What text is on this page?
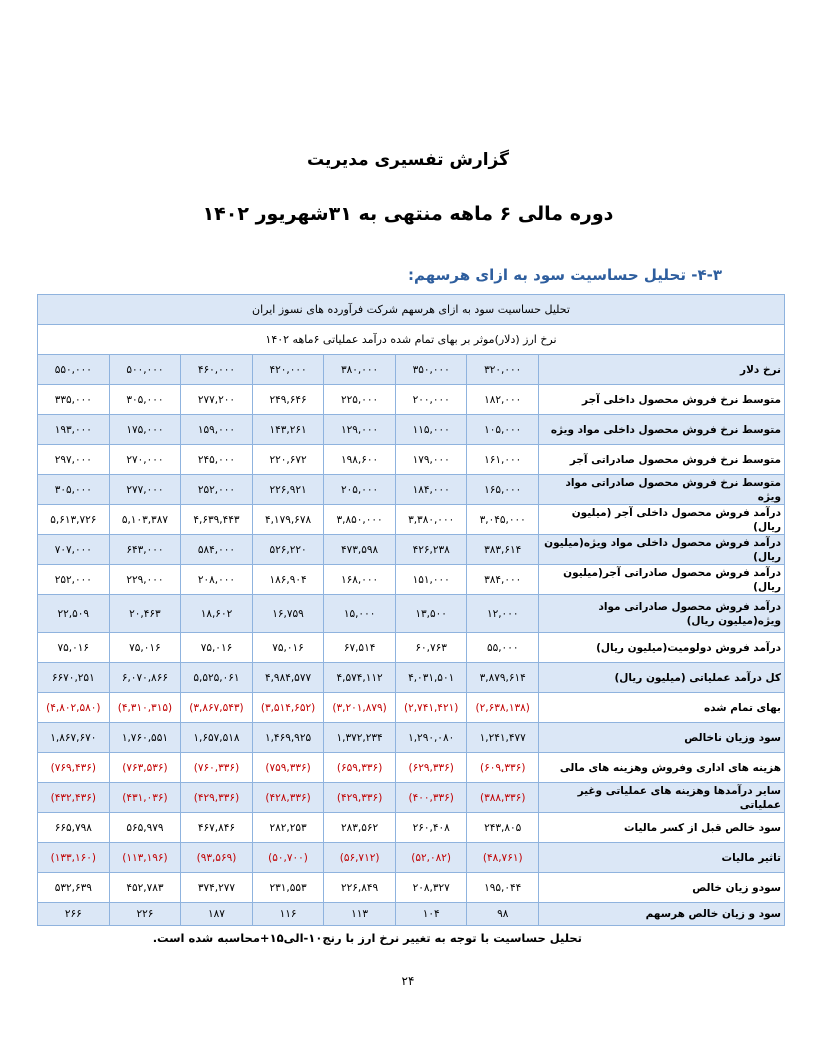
گزارش تفسیری مدیریت
دوره مالی ۶ ماهه منتهی به ۳۱شهریور ۱۴۰۲
۴-۳- تحلیل حساسیت سود به ازای هرسهم:
تحلیل حساسیت سود به ازای هرسهم شرکت فرآورده های نسوز ایران							
نرخ ارز (دلار)موثر بر بهای تمام شده درآمد عملیاتی ۶ماهه ۱۴۰۲							
نرخ دلار	۳۲۰,۰۰۰	۳۵۰,۰۰۰	۳۸۰,۰۰۰	۴۲۰,۰۰۰	۴۶۰,۰۰۰	۵۰۰,۰۰۰	۵۵۰,۰۰۰
متوسط نرخ فروش محصول داخلی آجر	۱۸۲,۰۰۰	۲۰۰,۰۰۰	۲۲۵,۰۰۰	۲۴۹,۶۴۶	۲۷۷,۲۰۰	۳۰۵,۰۰۰	۳۳۵,۰۰۰
متوسط نرخ فروش محصول داخلی مواد ویژه	۱۰۵,۰۰۰	۱۱۵,۰۰۰	۱۲۹,۰۰۰	۱۴۳,۲۶۱	۱۵۹,۰۰۰	۱۷۵,۰۰۰	۱۹۳,۰۰۰
متوسط نرخ فروش محصول صادراتی آجر	۱۶۱,۰۰۰	۱۷۹,۰۰۰	۱۹۸,۶۰۰	۲۲۰,۶۷۲	۲۴۵,۰۰۰	۲۷۰,۰۰۰	۲۹۷,۰۰۰
متوسط نرخ فروش محصول صادراتی مواد ویژه	۱۶۵,۰۰۰	۱۸۴,۰۰۰	۲۰۵,۰۰۰	۲۲۶,۹۲۱	۲۵۲,۰۰۰	۲۷۷,۰۰۰	۳۰۵,۰۰۰
درآمد فروش محصول داخلی آجر (میلیون ریال)	۳,۰۴۵,۰۰۰	۳,۳۸۰,۰۰۰	۳,۸۵۰,۰۰۰	۴,۱۷۹,۶۷۸	۴,۶۳۹,۴۴۳	۵,۱۰۳,۳۸۷	۵,۶۱۳,۷۲۶
درآمد فروش محصول داخلی مواد ویژه(میلیون ریال)	۳۸۳,۶۱۴	۴۲۶,۲۳۸	۴۷۳,۵۹۸	۵۲۶,۲۲۰	۵۸۴,۰۰۰	۶۴۳,۰۰۰	۷۰۷,۰۰۰
درآمد فروش محصول صادراتی آجر(میلیون ریال)	۳۸۴,۰۰۰	۱۵۱,۰۰۰	۱۶۸,۰۰۰	۱۸۶,۹۰۴	۲۰۸,۰۰۰	۲۲۹,۰۰۰	۲۵۲,۰۰۰
درآمد فروش محصول صادراتی مواد ویژه(میلیون ریال)	۱۲,۰۰۰	۱۳,۵۰۰	۱۵,۰۰۰	۱۶,۷۵۹	۱۸,۶۰۲	۲۰,۴۶۳	۲۲,۵۰۹
درآمد فروش دولومیت(میلیون ریال)	۵۵,۰۰۰	۶۰,۷۶۳	۶۷,۵۱۴	۷۵,۰۱۶	۷۵,۰۱۶	۷۵,۰۱۶	۷۵,۰۱۶
کل درآمد عملیاتی (میلیون ریال)	۳,۸۷۹,۶۱۴	۴,۰۳۱,۵۰۱	۴,۵۷۴,۱۱۲	۴,۹۸۴,۵۷۷	۵,۵۲۵,۰۶۱	۶,۰۷۰,۸۶۶	۶۶۷۰,۲۵۱
بهای تمام شده	(۲,۶۳۸,۱۳۸)	(۲,۷۴۱,۴۲۱)	(۳,۲۰۱,۸۷۹)	(۳,۵۱۴,۶۵۲)	(۳,۸۶۷,۵۴۳)	(۴,۳۱۰,۳۱۵)	(۴,۸۰۲,۵۸۰)
سود وزیان ناخالص	۱,۲۴۱,۴۷۷	۱,۲۹۰,۰۸۰	۱,۳۷۲,۲۳۴	۱,۴۶۹,۹۲۵	۱,۶۵۷,۵۱۸	۱,۷۶۰,۵۵۱	۱,۸۶۷,۶۷۰
هزینه های اداری وفروش وهزینه های مالی	(۶۰۹,۳۳۶)	(۶۲۹,۳۳۶)	(۶۵۹,۳۳۶)	(۷۵۹,۳۳۶)	(۷۶۰,۳۳۶)	(۷۶۳,۵۳۶)	(۷۶۹,۴۳۶)
سایر درآمدها وهزینه های عملیاتی وغیر عملیاتی	(۳۸۸,۳۳۶)	(۴۰۰,۳۳۶)	(۴۲۹,۳۳۶)	(۴۲۸,۳۳۶)	(۴۲۹,۳۳۶)	(۴۳۱,۰۳۶)	(۴۳۲,۴۳۶)
سود خالص قبل از کسر مالیات	۲۴۳,۸۰۵	۲۶۰,۴۰۸	۲۸۳,۵۶۲	۲۸۲,۲۵۳	۴۶۷,۸۴۶	۵۶۵,۹۷۹	۶۶۵,۷۹۸
تاثیر مالیات	(۴۸,۷۶۱)	(۵۲,۰۸۲)	(۵۶,۷۱۲)	(۵۰,۷۰۰)	(۹۳,۵۶۹)	(۱۱۳,۱۹۶)	(۱۳۳,۱۶۰)
سودو زیان خالص	۱۹۵,۰۴۴	۲۰۸,۳۲۷	۲۲۶,۸۴۹	۲۳۱,۵۵۳	۳۷۴,۲۷۷	۴۵۲,۷۸۳	۵۳۲,۶۳۹
سود و زیان خالص هرسهم	۹۸	۱۰۴	۱۱۳	۱۱۶	۱۸۷	۲۲۶	۲۶۶
تحلیل حساسیت با توجه به تغییر نرخ ارز با رنج۱۰-الی۱۵+محاسبه شده است.
۲۴
